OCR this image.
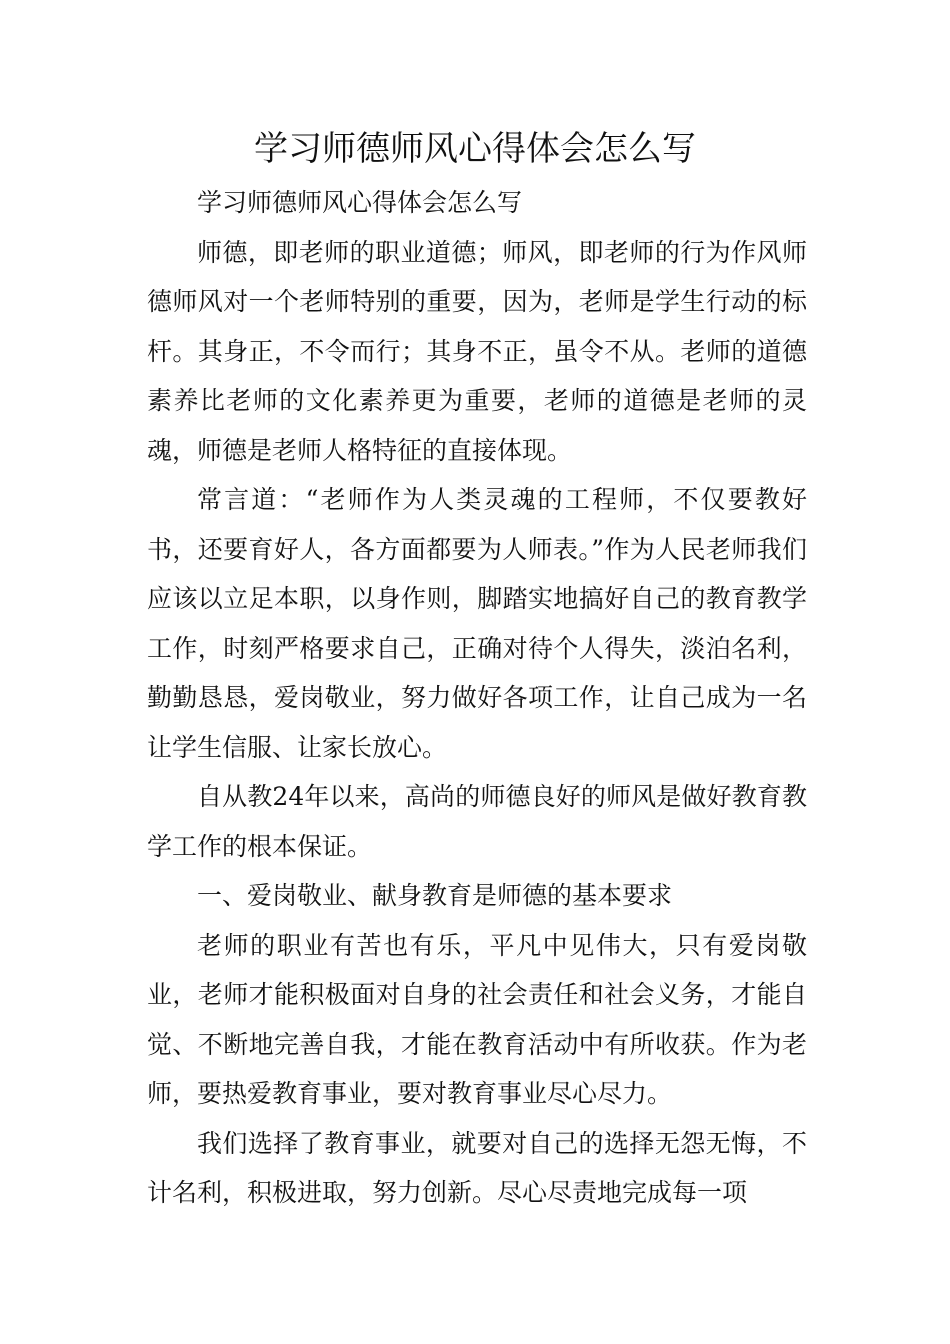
学习师德师风心得体会怎么写

学习师德师风心得体会怎么写

师德，即老师的职业道德；师风，即老师的行为作风师德师风对一个老师特别的重要，因为，老师是学生行动的标杆。其身正，不令而行；其身不正，虽令不从。老师的道德素养比老师的文化素养更为重要，老师的道德是老师的灵魂，师德是老师人格特征的直接体现。

常言道：“老师作为人类灵魂的工程师，不仅要教好书，还要育好人，各方面都要为人师表。”作为人民老师我们应该以立足本职，以身作则，脚踏实地搞好自己的教育教学工作，时刻严格要求自己，正确对待个人得失，淡泊名利，勤勤恳恳，爱岗敬业，努力做好各项工作，让自己成为一名让学生信服、让家长放心。

自从教24年以来，高尚的师德良好的师风是做好教育教学工作的根本保证。

一、爱岗敬业、献身教育是师德的基本要求

老师的职业有苦也有乐，平凡中见伟大，只有爱岗敬业，老师才能积极面对自身的社会责任和社会义务，才能自觉、不断地完善自我，才能在教育活动中有所收获。作为老师，要热爱教育事业，要对教育事业尽心尽力。

我们选择了教育事业，就要对自己的选择无怨无悔，不计名利，积极进取，努力创新。尽心尽责地完成每一项
